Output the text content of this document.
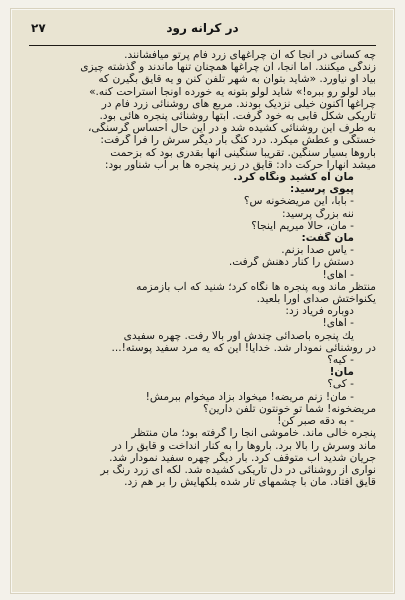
در کرانه رود
۲۷
چه کسانی در آنجا که آن چراغهای زرد فام پرتو میافشانند.
زندگی میکنند. اما آنجا، آن چراغها همچنان تنها ماندند و گذشته چیزی
بیاد او نیاورد. «شاید بتوان به شهر تلفن کنن و یه قایق بگیرن که
بیاد لولو رو ببره!» شاید لولو بتونه یه خورده اونجا استراحت کنه.»
چراغها اکنون خیلی نزدیک بودند. مربع های روشنائی زرد فام در
تاریکی شکل قابی به خود گرفت. ابتها روشنائی پنجره هائی بود.
به طرف این روشنائی کشیده شد و در این حال احساس گرسنگی،
خستگی و عطش میکرد. درد کنگ بار دیگر سرش را فرا گرفت:
باروها بسیار سنگین. تقریباً سنگینی آنها بقدری بود که بزحمت
میشد آنهارا حرکت داد: قایق در زیر پنجره ها بر آب شناور بود:
مان آه کشید ونگاه کرد.
پیوی پرسید:
- بابا، این مریضخونه س؟
ننه بزرگ پرسید:
- مان، حالا میریم اینجا؟
مان گفت:
- یاس صدا بزنم.
دستش را کنار دهنش گرفت.
- آهای!
منتظر ماند وبه پنجره ها نگاه کرد؛ شنید که آب بازمزمه
یکنواختش صدای اورا بلعید.
دوباره فریاد زد:
- آهای!
یك پنجره باصدائی چندش آور بالا رفت. چهره سفیدی
در روشنائی نمودار شد. خدایا! این که یه مرد سفید پوسته!...
- کیه؟
مان!
- کی؟
- مان! زنم مریضه! میخواد بزاد میخوام ببرمش!
مریضخونه! شما تو خونتون تلفن دارین؟
- به دقه صبر کن!
پنجره خالی ماند. خاموشی آنجا را گرفته بود؛ مان منتظر
ماند وسرش را بالا برد. باروها را به کنار انداخت و قایق را در
جریان شدید آب متوقف کرد. بار دیگر چهره سفید نمودار شد.
نواری از روشنائی در دل تاریکی کشیده شد. لکه ای زرد رنگ بر
قایق افتاد. مان با چشمهای تار شده بلکهایش را بر هم زد.
